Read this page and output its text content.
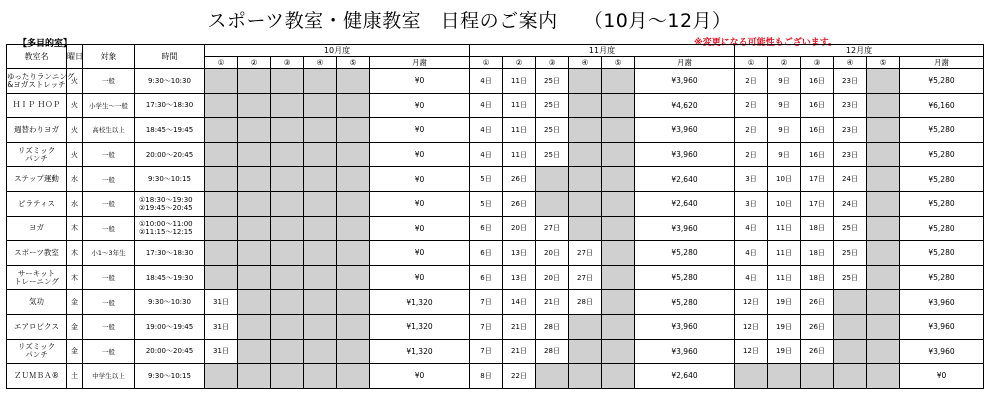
スポーツ教室・健康教室　日程のご案内 （10月～12月）
【多目的室】	※変更になる可能性もございます。
教室名	曜日	対象	時間	10月度						11月度						12月度					
				①	②	③	④	⑤	月謝	①	②	③	④	⑤	月謝	①	②	③	④	⑤	月謝
ゆったりランニング
&ヨガストレッチ	火	一般	9:30～10:30						¥0	4日	11日	25日			¥3,960	2日	9日	16日	23日		¥5,280
ＨＩＰ ＨＯＰ	火	小学生～一般	17:30～18:30						¥0	4日	11日	25日			¥4,620	2日	9日	16日	23日		¥6,160
週替わりヨガ	火	高校生以上	18:45～19:45						¥0	4日	11日	25日			¥3,960	2日	9日	16日	23日		¥5,280
リズミック
パンチ	火	一般	20:00～20:45						¥0	4日	11日	25日			¥3,960	2日	9日	16日	23日		¥5,280
ステップ運動	水	一般	9:30～10:15						¥0	5日	26日				¥2,640	3日	10日	17日	24日		¥5,280
ピラティス	水	一般	①18:30～19:30
②19:45～20:45						¥0	5日	26日				¥2,640	3日	10日	17日	24日		¥5,280
ヨガ	木	一般	①10:00～11:00
②11:15～12:15						¥0	6日	20日	27日			¥3,960	4日	11日	18日	25日		¥5,280
スポーツ教室	木	小1～3年生	17:30～18:30						¥0	6日	13日	20日	27日		¥5,280	4日	11日	18日	25日		¥5,280
サーキット
トレーニング	木	一般	18:45～19:30						¥0	6日	13日	20日	27日		¥5,280	4日	11日	18日	25日		¥5,280
気功	金	一般	9:30～10:30	31日					¥1,320	7日	14日	21日	28日		¥5,280	12日	19日	26日			¥3,960
エアロビクス	金	一般	19:00～19:45	31日					¥1,320	7日	21日	28日			¥3,960	12日	19日	26日			¥3,960
リズミック
パンチ	金	一般	20:00～20:45	31日					¥1,320	7日	21日	28日			¥3,960	12日	19日	26日			¥3,960
ＺＵＭＢＡ®	土	中学生以上	9:30～10:15						¥0	8日	22日				¥2,640						¥0
